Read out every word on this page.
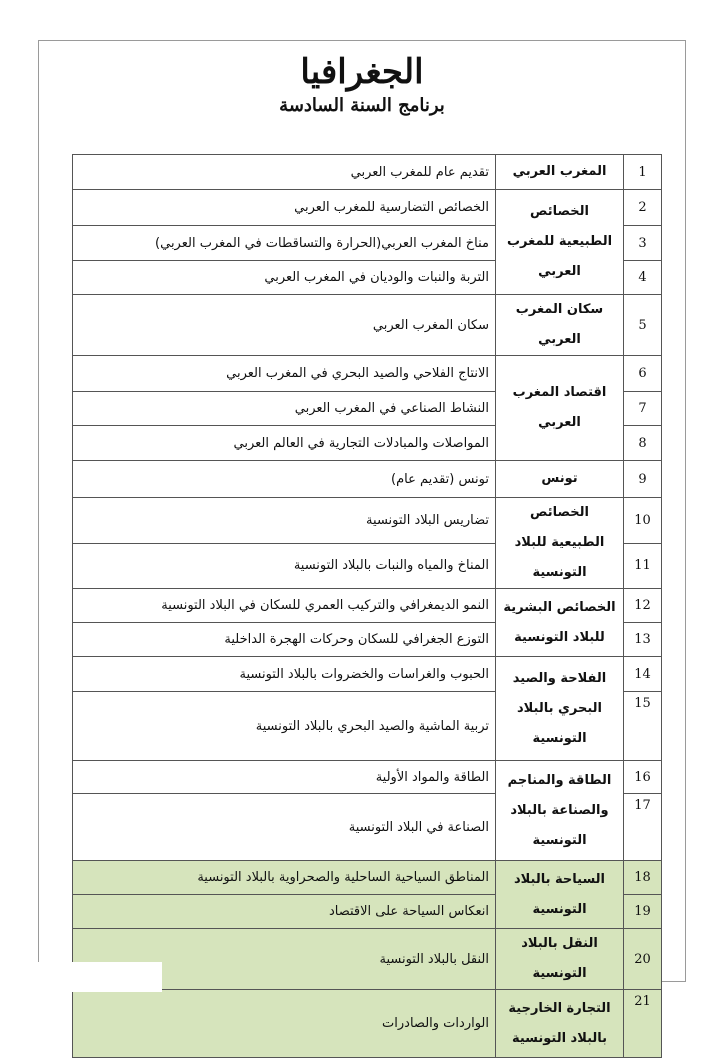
الجغرافيا
برنامج السنة السادسة
1	المغرب العربي	تقديم عام للمغرب العربي
2	الخصائص الطبيعية للمغرب العربي	الخصائص التضارسية للمغرب العربي
3		مناخ المغرب العربي(الحرارة والتساقطات في المغرب العربي)
4		التربة والنبات والوديان في المغرب العربي
5	سكان المغرب العربي	سكان المغرب العربي
6	اقتصاد المغرب العربي	الانتاج الفلاحي والصيد البحري في المغرب العربي
7		النشاط الصناعي في المغرب العربي
8		المواصلات والمبادلات التجارية في العالم العربي
9	تونس	تونس (تقديم عام)
10	الخصائص الطبيعية للبلاد التونسية	تضاريس البلاد التونسية
11		المناخ والمياه والنبات بالبلاد التونسية
12	الخصائص البشرية للبلاد التونسية	النمو الديمغرافي والتركيب العمري للسكان في البلاد التونسية
13		التوزع الجغرافي للسكان وحركات الهجرة الداخلية
14	الفلاحة والصيد البحري بالبلاد التونسية	الحبوب والغراسات والخضروات بالبلاد التونسية
15		تربية الماشية والصيد البحري بالبلاد التونسية
16	الطاقة والمناجم والصناعة بالبلاد التونسية	الطاقة والمواد الأولية
17		الصناعة في البلاد التونسية
18	السياحة بالبلاد التونسية	المناطق السياحية الساحلية والصحراوية بالبلاد التونسية
19		انعكاس السياحة على الاقتصاد
20	النقل بالبلاد التونسية	النقل بالبلاد التونسية
21	التجارة الخارجية بالبلاد التونسية	الواردات والصادرات
